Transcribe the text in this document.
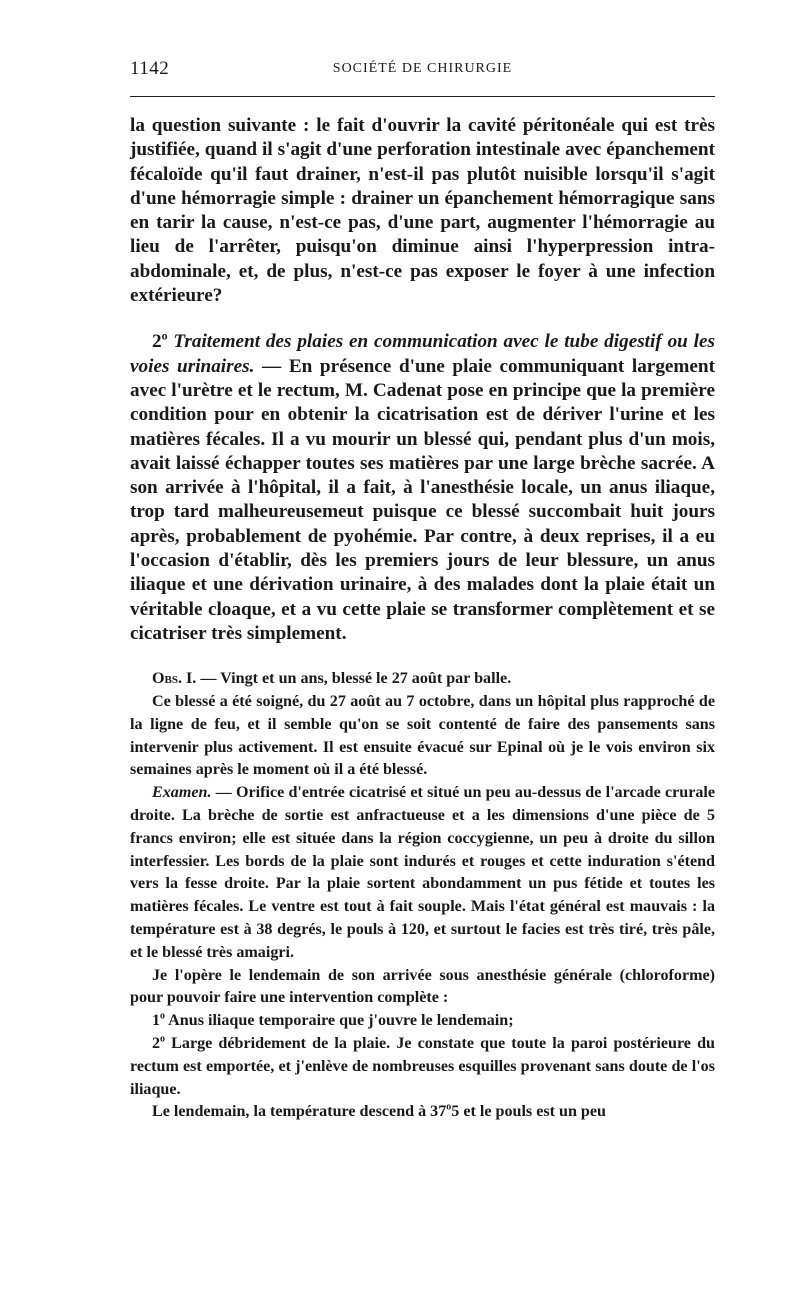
1142	SOCIÉTÉ DE CHIRURGIE

la question suivante : le fait d'ouvrir la cavité péritonéale qui est très justifiée, quand il s'agit d'une perforation intestinale avec épanchement fécaloïde qu'il faut drainer, n'est-il pas plutôt nuisible lorsqu'il s'agit d'une hémorragie simple : drainer un épanchement hémorragique sans en tarir la cause, n'est-ce pas, d'une part, augmenter l'hémorragie au lieu de l'arrêter, puisqu'on diminue ainsi l'hyperpression intra-abdominale, et, de plus, n'est-ce pas exposer le foyer à une infection extérieure?

2$^o$ Traitement des plaies en communication avec le tube digestif ou les voies urinaires. — En présence d'une plaie communiquant largement avec l'urètre et le rectum, M. Cadenat pose en principe que la première condition pour en obtenir la cicatrisation est de dériver l'urine et les matières fécales. Il a vu mourir un blessé qui, pendant plus d'un mois, avait laissé échapper toutes ses matières par une large brèche sacrée. A son arrivée à l'hôpital, il a fait, à l'anesthésie locale, un anus iliaque, trop tard malheureusemeut puisque ce blessé succombait huit jours après, probablement de pyohémie. Par contre, à deux reprises, il a eu l'occasion d'établir, dès les premiers jours de leur blessure, un anus iliaque et une dérivation urinaire, à des malades dont la plaie était un véritable cloaque, et a vu cette plaie se transformer complètement et se cicatriser très simplement.

Obs. I. — Vingt et un ans, blessé le 27 août par balle.

Ce blessé a été soigné, du 27 août au 7 octobre, dans un hôpital plus rapproché de la ligne de feu, et il semble qu'on se soit contenté de faire des pansements sans intervenir plus activement. Il est ensuite évacué sur Epinal où je le vois environ six semaines après le moment où il a été blessé.

Examen. — Orifice d'entrée cicatrisé et situé un peu au-dessus de l'arcade crurale droite. La brèche de sortie est anfractueuse et a les dimensions d'une pièce de 5 francs environ; elle est située dans la région coccygienne, un peu à droite du sillon interfessier. Les bords de la plaie sont indurés et rouges et cette induration s'étend vers la fesse droite. Par la plaie sortent abondamment un pus fétide et toutes les matières fécales. Le ventre est tout à fait souple. Mais l'état général est mauvais : la température est à 38 degrés, le pouls à 120, et surtout le facies est très tiré, très pâle, et le blessé très amaigri.

Je l'opère le lendemain de son arrivée sous anesthésie générale (chloroforme) pour pouvoir faire une intervention complète :

1$^o$ Anus iliaque temporaire que j'ouvre le lendemain;

2$^o$ Large débridement de la plaie. Je constate que toute la paroi postérieure du rectum est emportée, et j'enlève de nombreuses esquilles provenant sans doute de l'os iliaque.

Le lendemain, la température descend à 37$^o$5 et le pouls est un peu
